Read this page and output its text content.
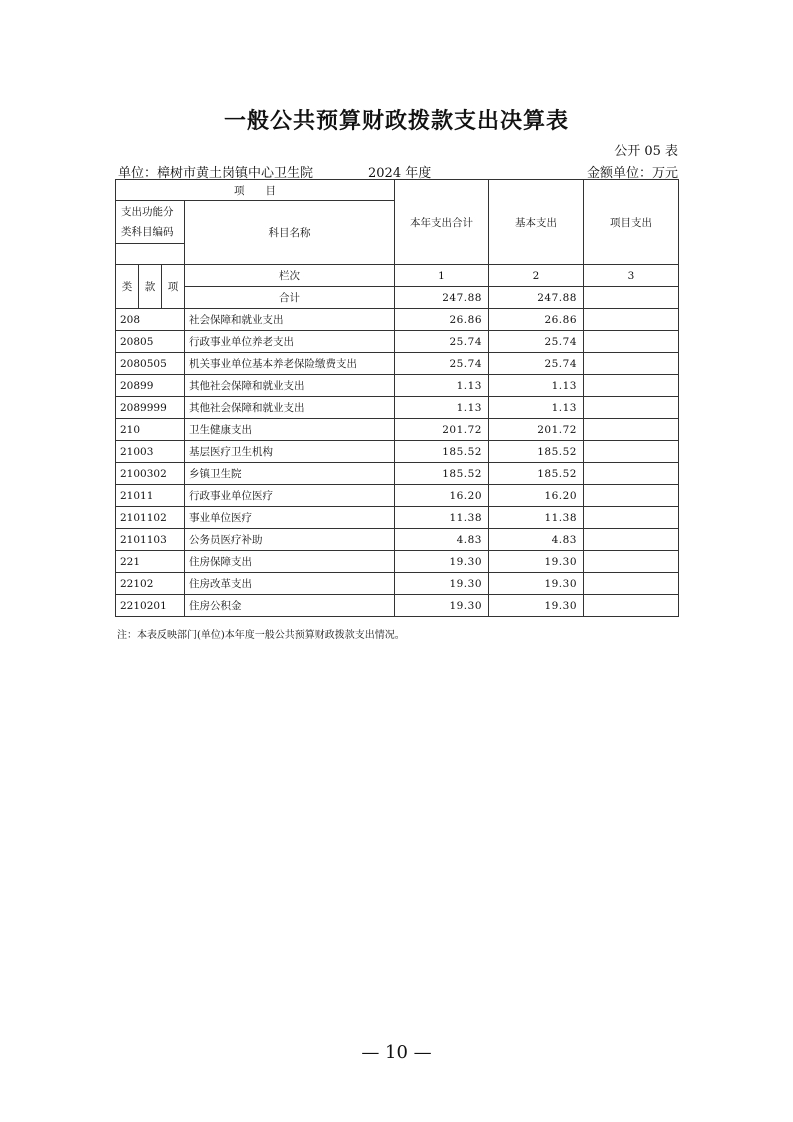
一般公共预算财政拨款支出决算表
公开 05 表
单位：樟树市黄土岗镇中心卫生院	2024 年度	金额单位：万元
项　　目				本年支出合计	基本支出	项目支出
支出功能分类科目编码			科目名称			

类	款	项	栏次	1	2	3
			合计	247.88	247.88	
208			社会保障和就业支出	26.86	26.86	
20805			行政事业单位养老支出	25.74	25.74	
2080505			机关事业单位基本养老保险缴费支出	25.74	25.74	
20899			其他社会保障和就业支出	1.13	1.13	
2089999			其他社会保障和就业支出	1.13	1.13	
210			卫生健康支出	201.72	201.72	
21003			基层医疗卫生机构	185.52	185.52	
2100302			乡镇卫生院	185.52	185.52	
21011			行政事业单位医疗	16.20	16.20	
2101102			事业单位医疗	11.38	11.38	
2101103			公务员医疗补助	4.83	4.83	
221			住房保障支出	19.30	19.30	
22102			住房改革支出	19.30	19.30	
2210201			住房公积金	19.30	19.30	
注：本表反映部门(单位)本年度一般公共预算财政拨款支出情况。
— 10 —
